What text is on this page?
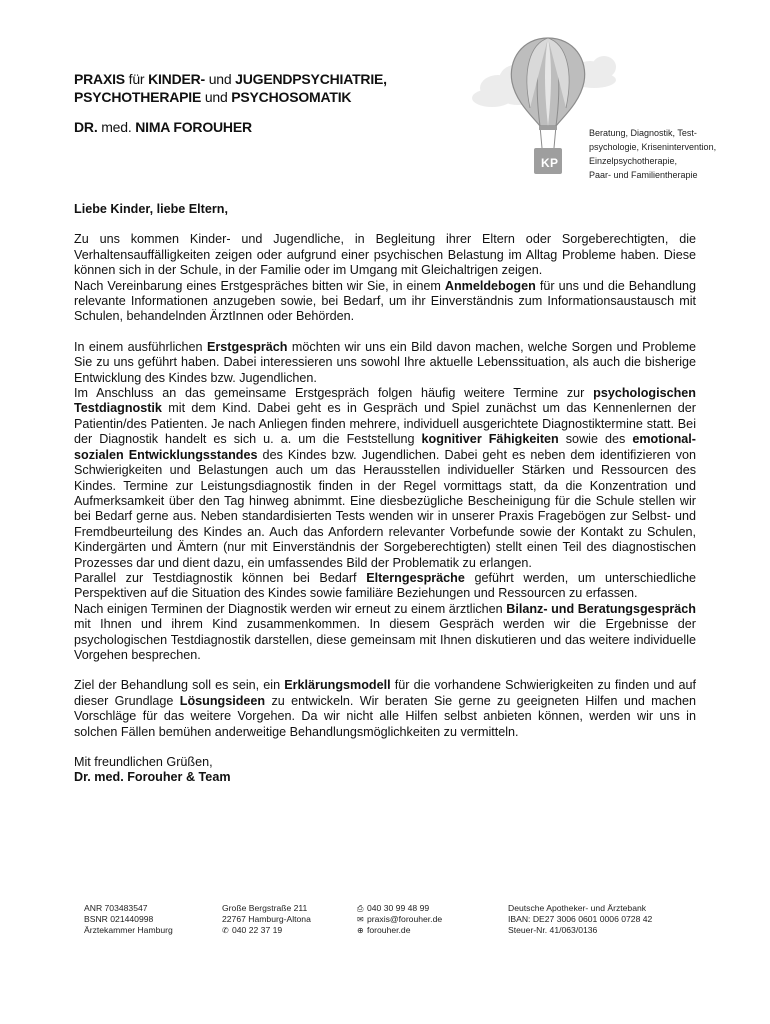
PRAXIS für KINDER- und JUGENDPSYCHIATRIE,
PSYCHOTHERAPIE und PSYCHOSOMATIK
DR. med. NIMA FOROUHER
K P
Beratung, Diagnostik, Test-
psychologie, Krisenintervention,
Einzelpsychotherapie,
Paar- und Familientherapie

Liebe Kinder, liebe Eltern,

Zu uns kommen Kinder- und Jugendliche, in Begleitung ihrer Eltern oder Sorgeberechtigten, die Verhaltensauffälligkeiten zeigen oder aufgrund einer psychischen Belastung im Alltag Probleme haben. Diese können sich in der Schule, in der Familie oder im Umgang mit Gleichaltrigen zeigen.

Nach Vereinbarung eines Erstgespräches bitten wir Sie, in einem Anmeldebogen für uns und die Behandlung relevante Informationen anzugeben sowie, bei Bedarf, um ihr Einverständnis zum Informationsaustausch mit Schulen, behandelnden ÄrztInnen oder Behörden.

In einem ausführlichen Erstgespräch möchten wir uns ein Bild davon machen, welche Sorgen und Probleme Sie zu uns geführt haben. Dabei interessieren uns sowohl Ihre aktuelle Lebenssituation, als auch die bisherige Entwicklung des Kindes bzw. Jugendlichen.

Im Anschluss an das gemeinsame Erstgespräch folgen häufig weitere Termine zur psychologischen Testdiagnostik mit dem Kind. Dabei geht es in Gespräch und Spiel zunächst um das Kennenlernen der Patientin/des Patienten. Je nach Anliegen finden mehrere, individuell ausgerichtete Diagnostiktermine statt. Bei der Diagnostik handelt es sich u. a. um die Feststellung kognitiver Fähigkeiten sowie des emotional-sozialen Entwicklungsstandes des Kindes bzw. Jugendlichen. Dabei geht es neben dem identifizieren von Schwierigkeiten und Belastungen auch um das Herausstellen individueller Stärken und Ressourcen des Kindes. Termine zur Leistungsdiagnostik finden in der Regel vormittags statt, da die Konzentration und Aufmerksamkeit über den Tag hinweg abnimmt. Eine diesbezügliche Bescheinigung für die Schule stellen wir bei Bedarf gerne aus. Neben standardisierten Tests wenden wir in unserer Praxis Fragebögen zur Selbst- und Fremdbeurteilung des Kindes an. Auch das Anfordern relevanter Vorbefunde sowie der Kontakt zu Schulen, Kindergärten und Ämtern (nur mit Einverständnis der Sorgeberechtigten) stellt einen Teil des diagnostischen Prozesses dar und dient dazu, ein umfassendes Bild der Problematik zu erlangen.

Parallel zur Testdiagnostik können bei Bedarf Elterngespräche geführt werden, um unterschiedliche Perspektiven auf die Situation des Kindes sowie familiäre Beziehungen und Ressourcen zu erfassen.

Nach einigen Terminen der Diagnostik werden wir erneut zu einem ärztlichen Bilanz- und Beratungsgespräch mit Ihnen und ihrem Kind zusammenkommen. In diesem Gespräch werden wir die Ergebnisse der psychologischen Testdiagnostik darstellen, diese gemeinsam mit Ihnen diskutieren und das weitere individuelle Vorgehen besprechen.

Ziel der Behandlung soll es sein, ein Erklärungsmodell für die vorhandene Schwierigkeiten zu finden und auf dieser Grundlage Lösungsideen zu entwickeln. Wir beraten Sie gerne zu geeigneten Hilfen und machen Vorschläge für das weitere Vorgehen. Da wir nicht alle Hilfen selbst anbieten können, werden wir uns in solchen Fällen bemühen anderweitige Behandlungsmöglichkeiten zu vermitteln.

Mit freundlichen Grüßen,

Dr. med. Forouher & Team

ANR 703483547
BSNR 021440998
Ärztekammer Hamburg
Große Bergstraße 211
22767 Hamburg-Altona
✆ 040 22 37 19
⎙ 040 30 99 48 99
✉ praxis@forouher.de
⊕ forouher.de
Deutsche Apotheker- und Ärztebank
IBAN: DE27 3006 0601 0006 0728 42
Steuer-Nr. 41/063/0136
